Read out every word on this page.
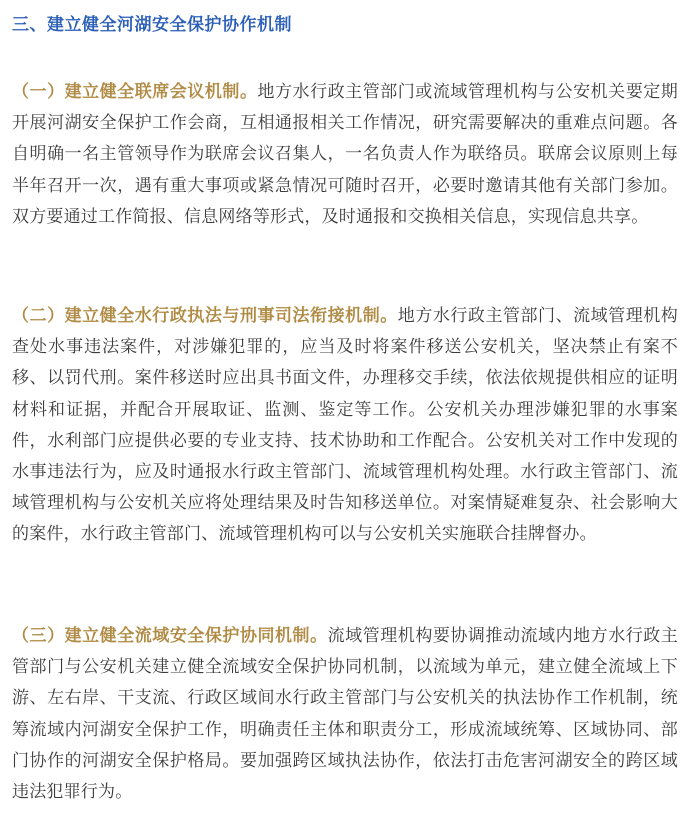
三、建立健全河湖安全保护协作机制

（一）建立健全联席会议机制。地方水行政主管部门或流域管理机构与公安机关要定期开展河湖安全保护工作会商，互相通报相关工作情况，研究需要解决的重难点问题。各自明确一名主管领导作为联席会议召集人，一名负责人作为联络员。联席会议原则上每半年召开一次，遇有重大事项或紧急情况可随时召开，必要时邀请其他有关部门参加。双方要通过工作简报、信息网络等形式，及时通报和交换相关信息，实现信息共享。

（二）建立健全水行政执法与刑事司法衔接机制。地方水行政主管部门、流域管理机构查处水事违法案件，对涉嫌犯罪的，应当及时将案件移送公安机关，坚决禁止有案不移、以罚代刑。案件移送时应出具书面文件，办理移交手续，依法依规提供相应的证明材料和证据，并配合开展取证、监测、鉴定等工作。公安机关办理涉嫌犯罪的水事案件，水利部门应提供必要的专业支持、技术协助和工作配合。公安机关对工作中发现的水事违法行为，应及时通报水行政主管部门、流域管理机构处理。水行政主管部门、流域管理机构与公安机关应将处理结果及时告知移送单位。对案情疑难复杂、社会影响大的案件，水行政主管部门、流域管理机构可以与公安机关实施联合挂牌督办。

（三）建立健全流域安全保护协同机制。流域管理机构要协调推动流域内地方水行政主管部门与公安机关建立健全流域安全保护协同机制，以流域为单元，建立健全流域上下游、左右岸、干支流、行政区域间水行政主管部门与公安机关的执法协作工作机制，统筹流域内河湖安全保护工作，明确责任主体和职责分工，形成流域统筹、区域协同、部门协作的河湖安全保护格局。要加强跨区域执法协作，依法打击危害河湖安全的跨区域违法犯罪行为。
